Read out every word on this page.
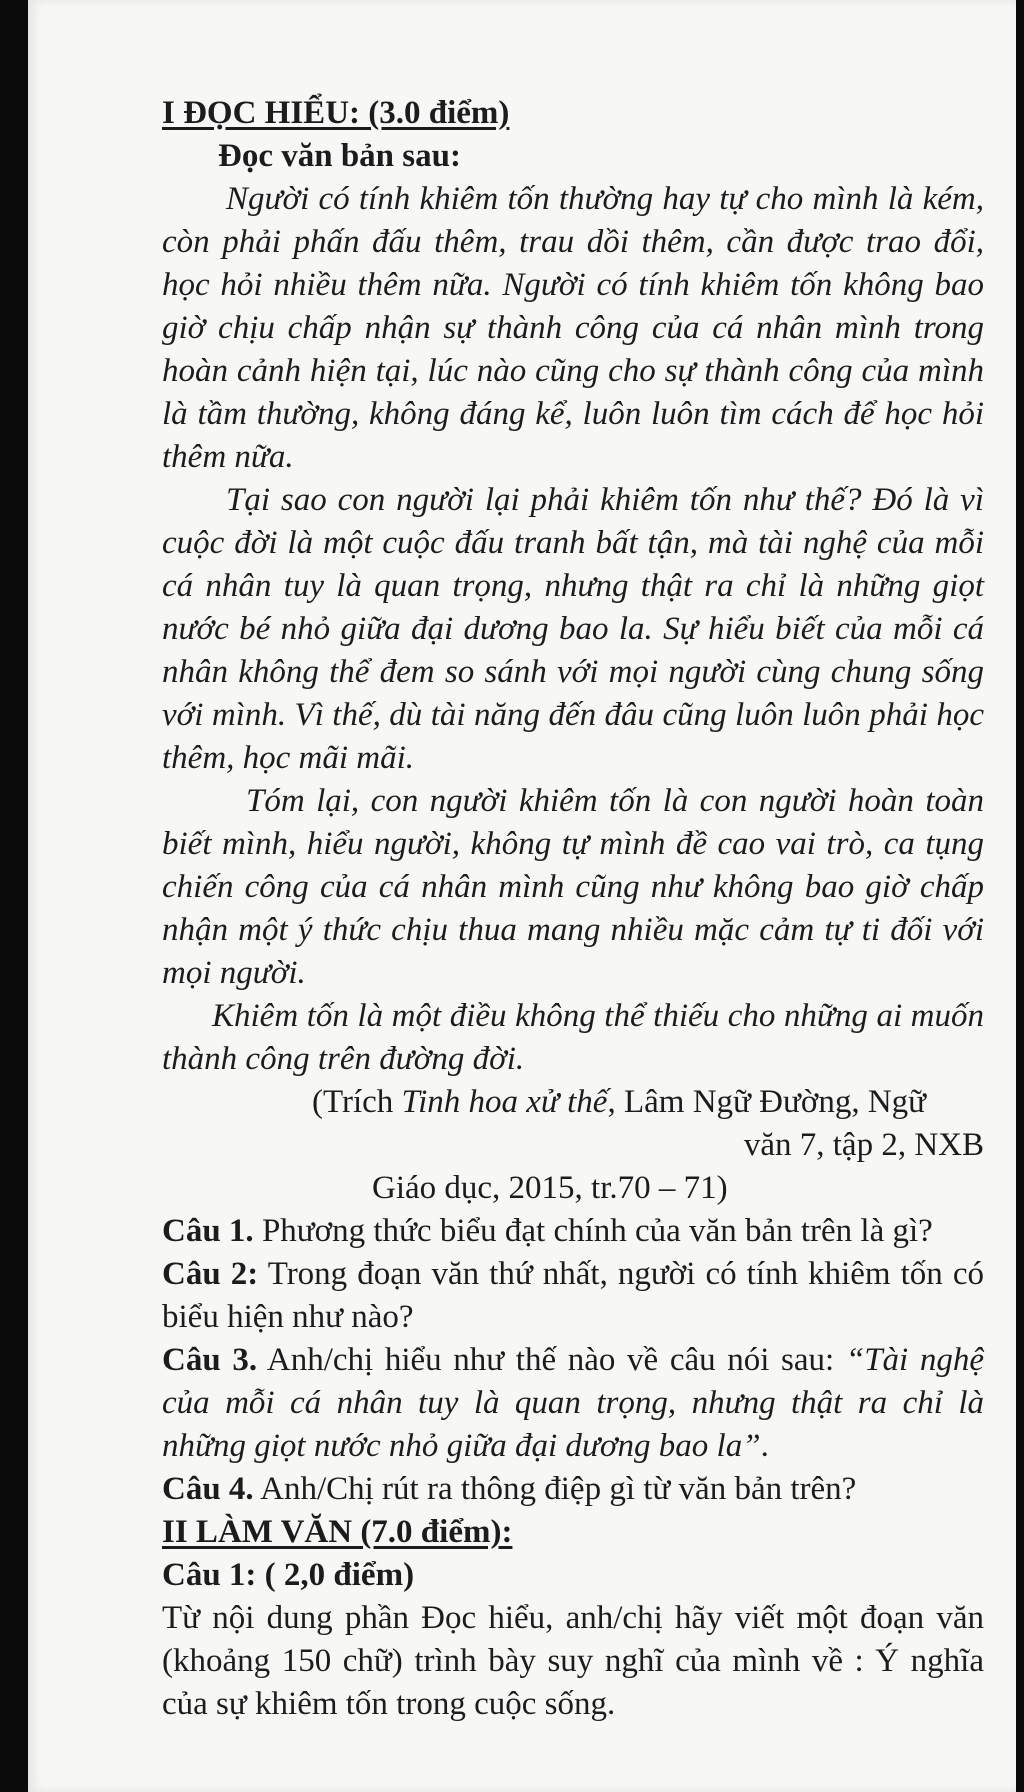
I ĐỌC HIỂU: (3.0 điểm)

Đọc văn bản sau:

Người có tính khiêm tốn thường hay tự cho mình là kém, còn phải phấn đấu thêm, trau dồi thêm, cần được trao đổi, học hỏi nhiều thêm nữa. Người có tính khiêm tốn không bao giờ chịu chấp nhận sự thành công của cá nhân mình trong hoàn cảnh hiện tại, lúc nào cũng cho sự thành công của mình là tầm thường, không đáng kể, luôn luôn tìm cách để học hỏi thêm nữa.

Tại sao con người lại phải khiêm tốn như thế? Đó là vì cuộc đời là một cuộc đấu tranh bất tận, mà tài nghệ của mỗi cá nhân tuy là quan trọng, nhưng thật ra chỉ là những giọt nước bé nhỏ giữa đại dương bao la. Sự hiểu biết của mỗi cá nhân không thể đem so sánh với mọi người cùng chung sống với mình. Vì thế, dù tài năng đến đâu cũng luôn luôn phải học thêm, học mãi mãi.

Tóm lại, con người khiêm tốn là con người hoàn toàn biết mình, hiểu người, không tự mình đề cao vai trò, ca tụng chiến công của cá nhân mình cũng như không bao giờ chấp nhận một ý thức chịu thua mang nhiều mặc cảm tự ti đối với mọi người.

Khiêm tốn là một điều không thể thiếu cho những ai muốn thành công trên đường đời.

(Trích Tinh hoa xử thế, Lâm Ngữ Đường, Ngữ

văn 7, tập 2, NXB

Giáo dục, 2015, tr.70 – 71)

Câu 1. Phương thức biểu đạt chính của văn bản trên là gì?

Câu 2: Trong đoạn văn thứ nhất, người có tính khiêm tốn có biểu hiện như nào?

Câu 3. Anh/chị hiểu như thế nào về câu nói sau: “Tài nghệ của mỗi cá nhân tuy là quan trọng, nhưng thật ra chỉ là những giọt nước nhỏ giữa đại dương bao la”.

Câu 4. Anh/Chị rút ra thông điệp gì từ văn bản trên?

II LÀM VĂN (7.0 điểm):

Câu 1: ( 2,0 điểm)

Từ nội dung phần Đọc hiểu, anh/chị hãy viết một đoạn văn (khoảng 150 chữ) trình bày suy nghĩ của mình về : Ý nghĩa của sự khiêm tốn trong cuộc sống.
